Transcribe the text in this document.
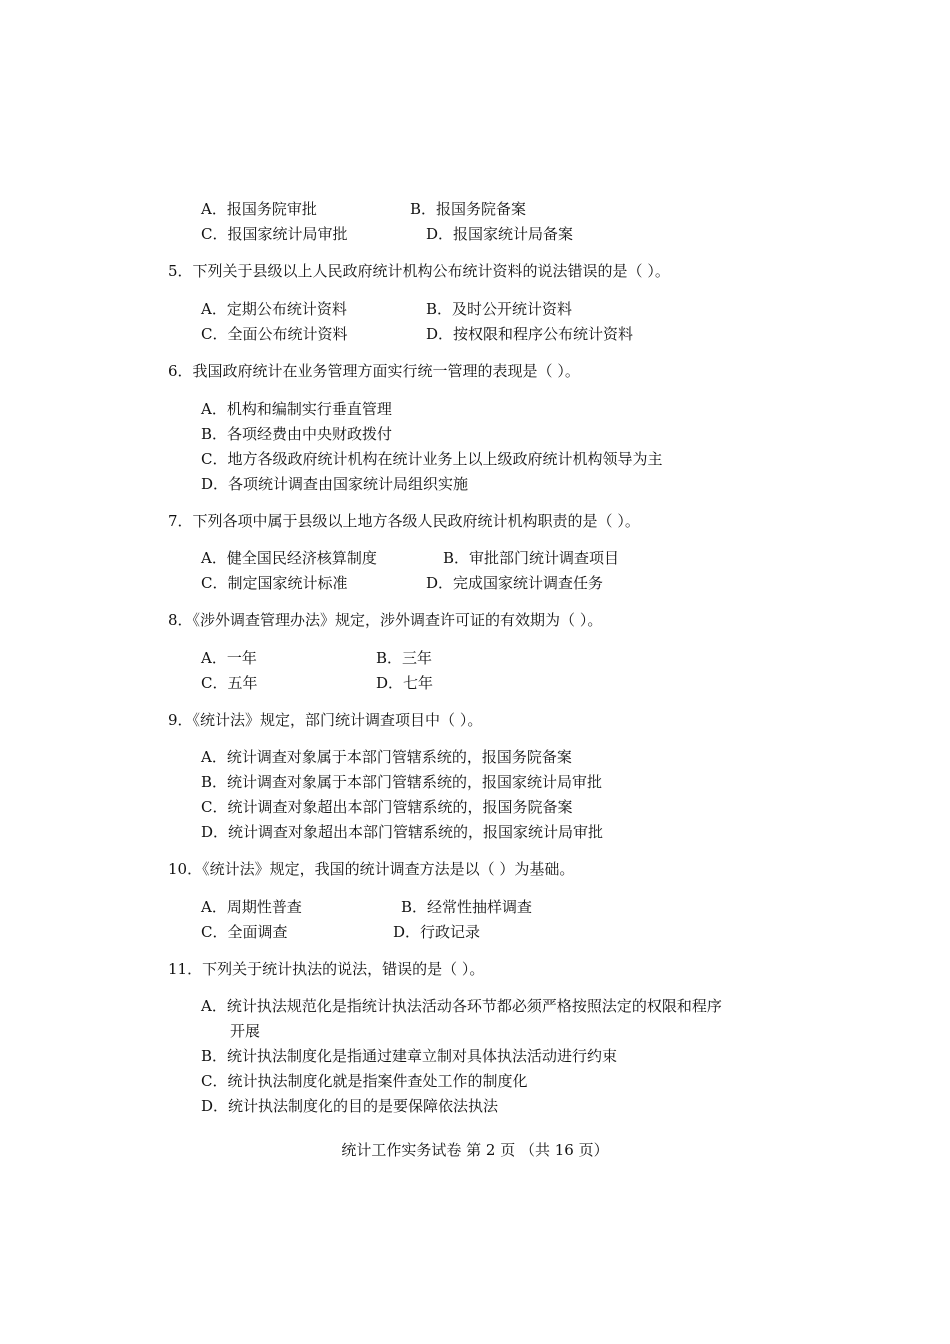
A．报国务院审批	B．报国务院备案
C．报国家统计局审批	D．报国家统计局备案
5．下列关于县级以上人民政府统计机构公布统计资料的说法错误的是（ ）。
A．定期公布统计资料	B．及时公开统计资料
C．全面公布统计资料	D．按权限和程序公布统计资料
6．我国政府统计在业务管理方面实行统一管理的表现是（ ）。
A．机构和编制实行垂直管理
B．各项经费由中央财政拨付
C．地方各级政府统计机构在统计业务上以上级政府统计机构领导为主
D．各项统计调查由国家统计局组织实施
7．下列各项中属于县级以上地方各级人民政府统计机构职责的是（ ）。
A．健全国民经济核算制度	B．审批部门统计调查项目
C．制定国家统计标准	D．完成国家统计调查任务
8．《涉外调查管理办法》规定，涉外调查许可证的有效期为（ ）。
A．一年	B．三年
C．五年	D．七年
9．《统计法》规定，部门统计调查项目中（ ）。
A．统计调查对象属于本部门管辖系统的，报国务院备案
B．统计调查对象属于本部门管辖系统的，报国家统计局审批
C．统计调查对象超出本部门管辖系统的，报国务院备案
D．统计调查对象超出本部门管辖系统的，报国家统计局审批
10．《统计法》规定，我国的统计调查方法是以（ ）为基础。
A．周期性普查	B．经常性抽样调查
C．全面调查	D．行政记录
11．下列关于统计执法的说法，错误的是（ ）。
A．统计执法规范化是指统计执法活动各环节都必须严格按照法定的权限和程序
开展
B．统计执法制度化是指通过建章立制对具体执法活动进行约束
C．统计执法制度化就是指案件查处工作的制度化
D．统计执法制度化的目的是要保障依法执法
统计工作实务试卷 第 2 页 （共 16 页）
